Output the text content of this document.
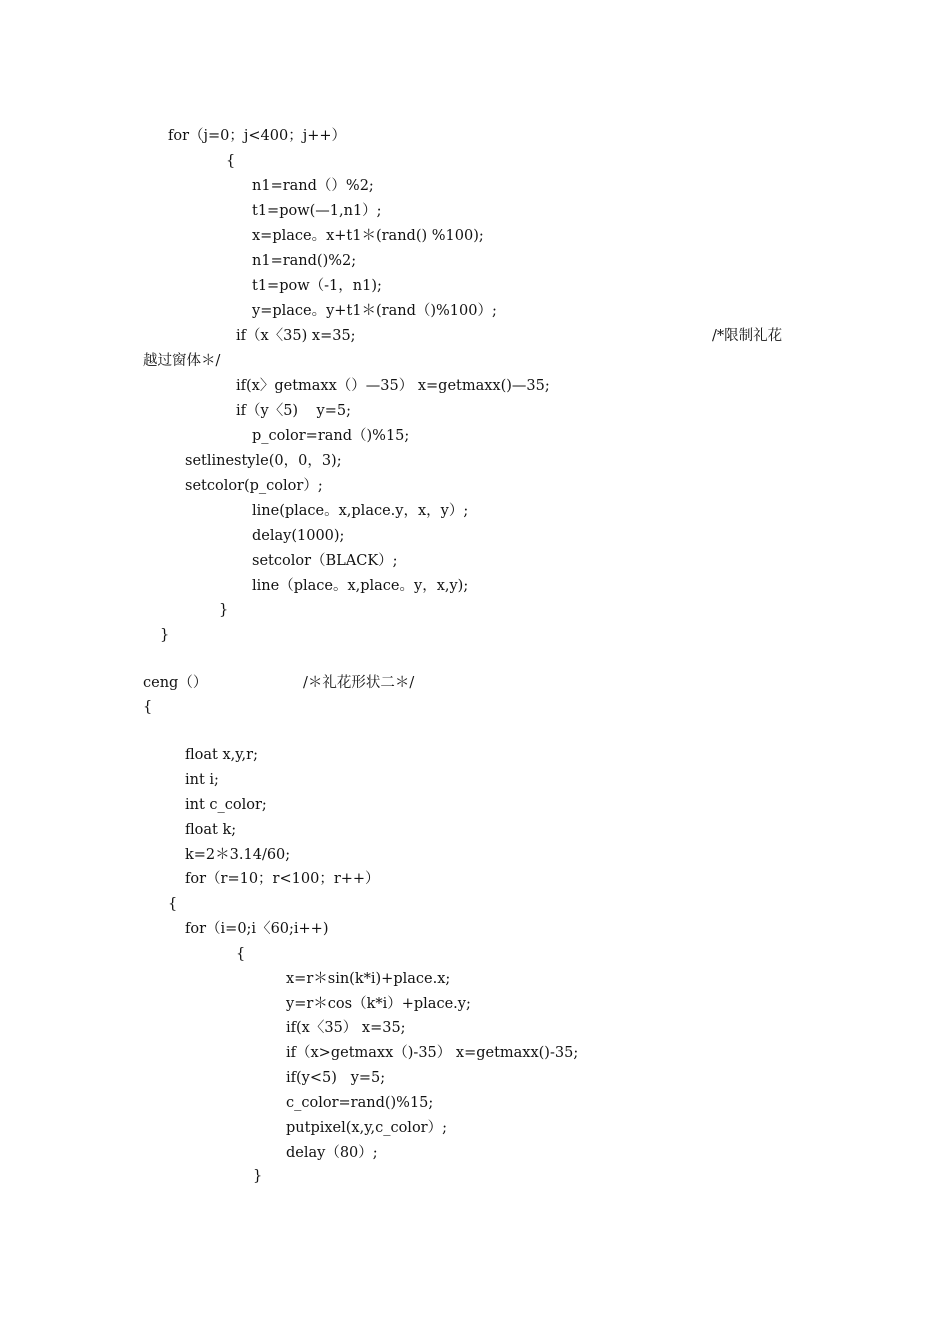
for（j=0；j<400；j++）
{
n1=rand（）%2;
t1=pow(—1,n1）;
x=place。x+t1＊(rand() %100);
n1=rand()%2;
t1=pow（-1，n1);
y=place。y+t1＊(rand（)%100）;
if（x〈35) x=35;	/*限制礼花
越过窗体＊/
if(x〉getmaxx（）—35） x=getmaxx()—35;
if（y〈5)    y=5;
p_color=rand（)%15;
setlinestyle(0，0，3);
setcolor(p_color）;
line(place。x,place.y，x，y）;
delay(1000);
setcolor（BLACK）;
line（place。x,place。y，x,y);
}
}
ceng（）	/＊礼花形状二＊/
{
float x,y,r;
int i;
int c_color;
float k;
k=2＊3.14/60;
for（r=10；r<100；r++）
{
for（i=0;i〈60;i++)
{
x=r＊sin(k*i)+place.x;
y=r＊cos（k*i）+place.y;
if(x〈35） x=35;
if（x>getmaxx（)-35） x=getmaxx()-35;
if(y<5)   y=5;
c_color=rand()%15;
putpixel(x,y,c_color）;
delay（80）;
}
